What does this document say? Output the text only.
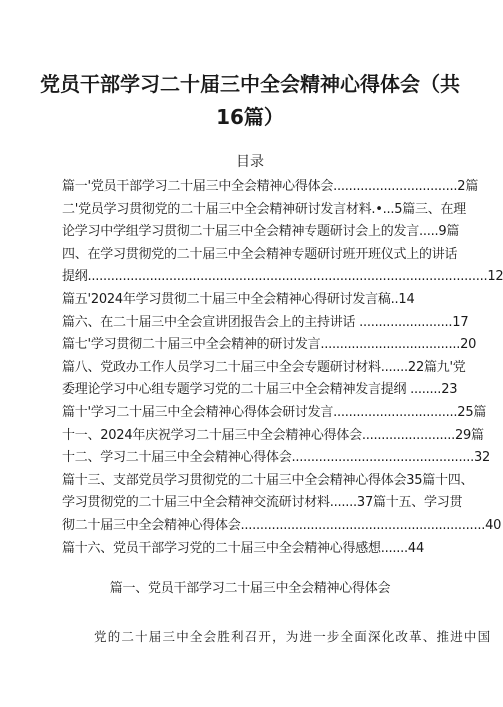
党员干部学习二十届三中全会精神心得体会（共
16篇）
目录
篇一'党员干部学习二十届三中全会精神心得体会................................2篇
二'党员学习贯彻党的二十届三中全会精神研讨发言材料.•...5篇三、在理
论学习中学组学习贯彻二十届三中全会精神专题研讨会上的发言.....9篇
四、在学习贯彻党的二十届三中全会精神专题研讨班开班仪式上的讲话
提纲.......................................................................................................12
篇五'2024年学习贯彻二十届三中全会精神心得研讨发言稿..14
篇六、在二十届三中全会宣讲团报告会上的主持讲话 ........................17
篇七'学习贯彻二十届三中全会精神的研讨发言....................................20
篇八、党政办工作人员学习二十届三中全会专题研讨材料.......22篇九'党
委理论学习中心组专题学习党的二十届三中全会精神发言提纲 ........23
篇十'学习二十届三中全会精神心得体会研讨发言................................25篇
十一、2024年庆祝学习二十届三中全会精神心得体会........................29篇
十二、学习二十届三中全会精神心得体会...............................................32
篇十三、支部党员学习贯彻党的二十届三中全会精神心得体会35篇十四、
学习贯彻党的二十届三中全会精神交流研讨材料.......37篇十五、学习贯
彻二十届三中全会精神心得体会...............................................................40
篇十六、党员干部学习党的二十届三中全会精神心得感想.......44
篇一、党员干部学习二十届三中全会精神心得体会
党的二十届三中全会胜利召开，为进一步全面深化改革、推进中国
